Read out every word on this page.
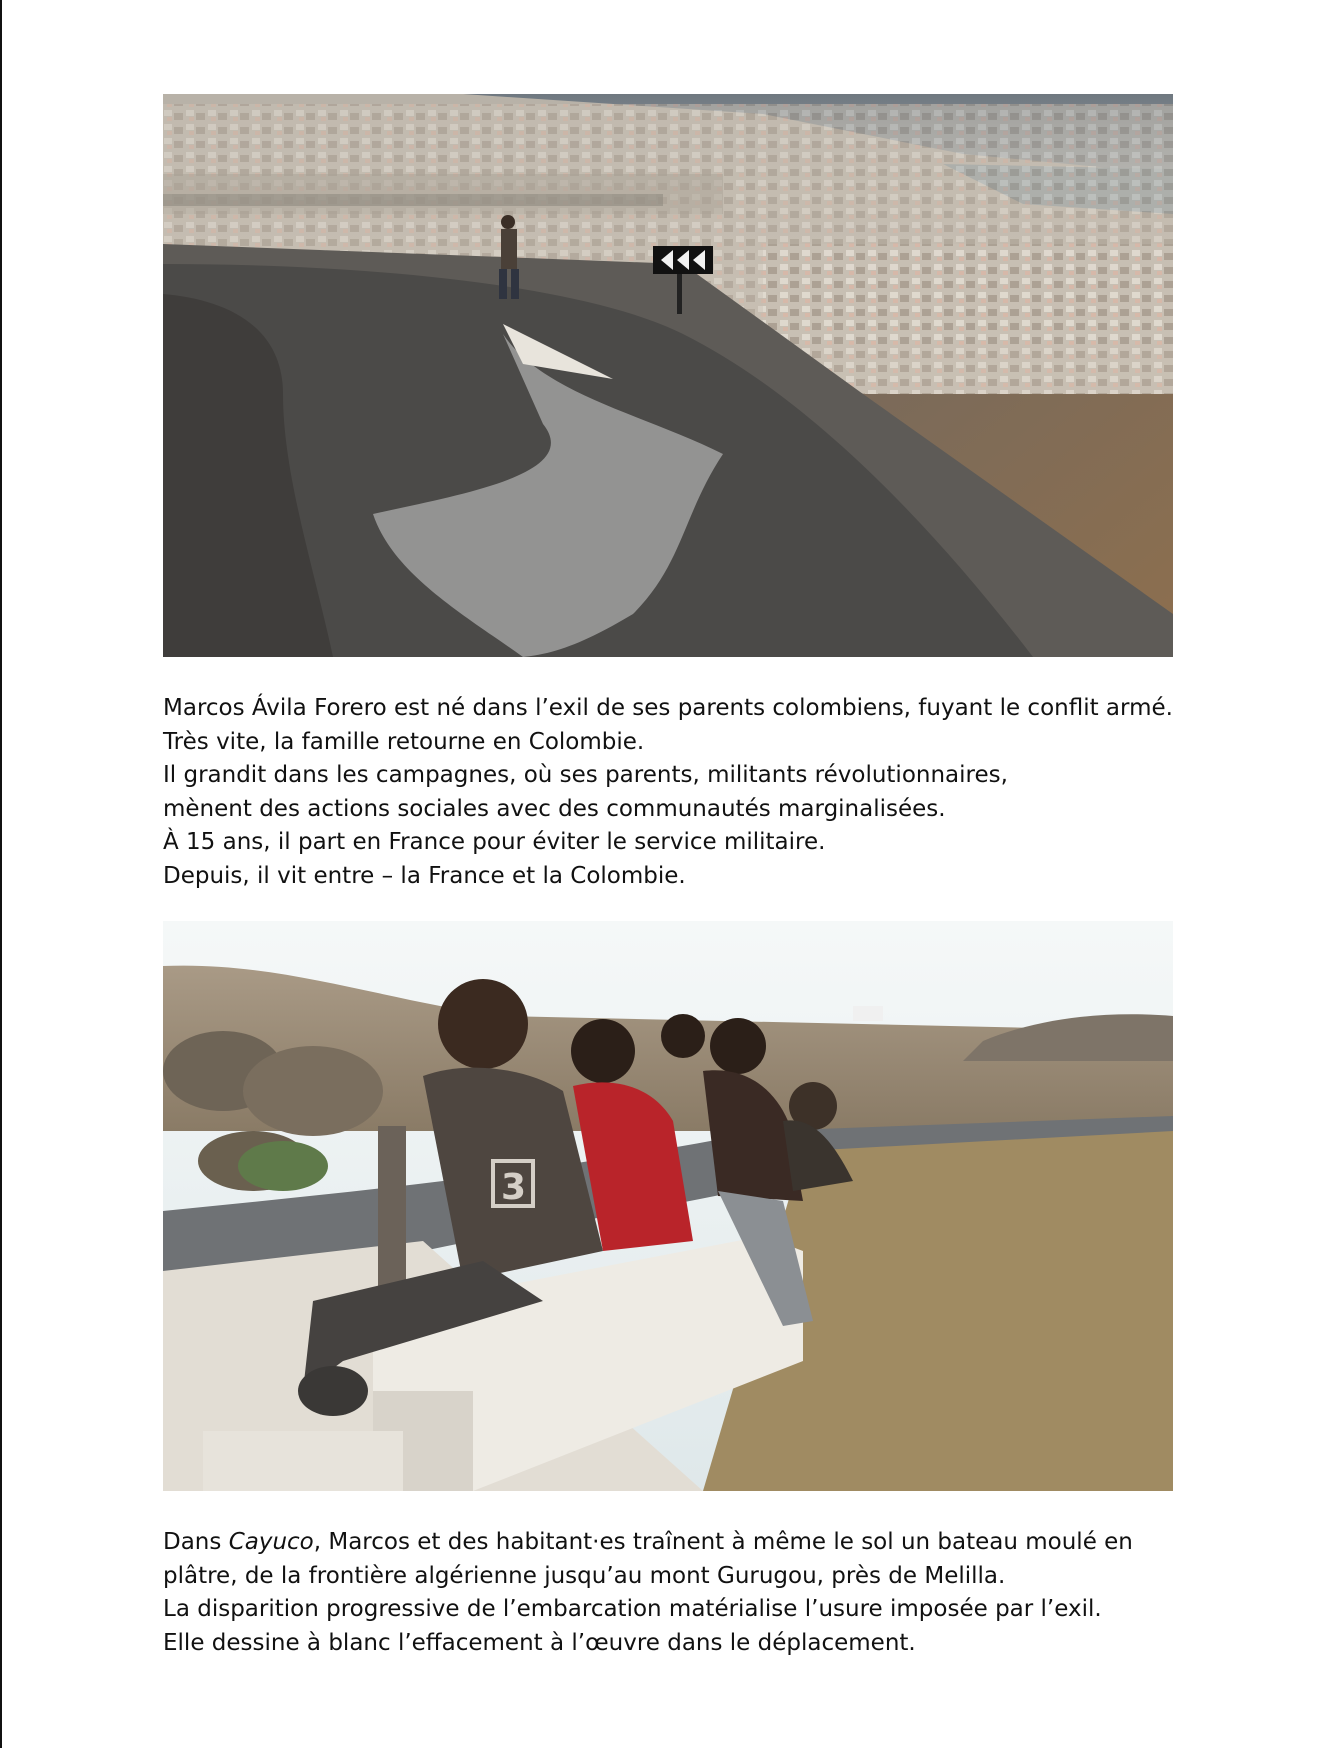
Marcos Ávila Forero est né dans l’exil de ses parents colombiens, fuyant le conflit armé.

Très vite, la famille retourne en Colombie.

Il grandit dans les campagnes, où ses parents, militants révolutionnaires,

mènent des actions sociales avec des communautés marginalisées.

À 15 ans, il part en France pour éviter le service militaire.

Depuis, il vit entre – la France et la Colombie.

3

Dans Cayuco, Marcos et des habitant·es traînent à même le sol un bateau moulé en

plâtre, de la frontière algérienne jusqu’au mont Gurugou, près de Melilla.

La disparition progressive de l’embarcation matérialise l’usure imposée par l’exil.

Elle dessine à blanc l’effacement à l’œuvre dans le déplacement.
